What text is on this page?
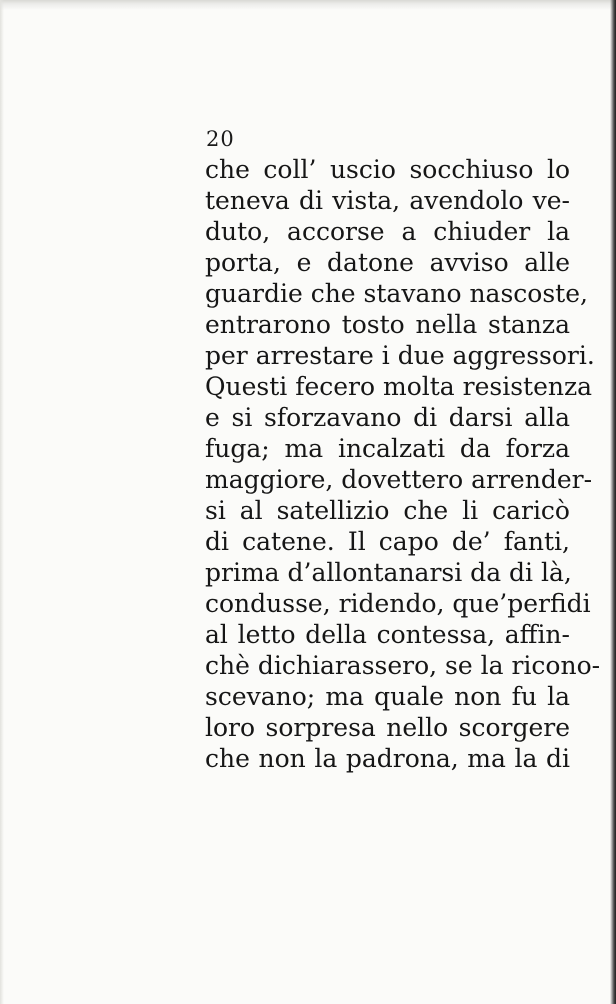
20
che coll’ uscio socchiuso lo
teneva di vista, avendolo ve-
duto, accorse a chiuder la
porta, e datone avviso alle
guardie che stavano nascoste,
entrarono tosto nella stanza
per arrestare i due aggressori.
Questi fecero molta resistenza
e si sforzavano di darsi alla
fuga; ma incalzati da forza
maggiore, dovettero arrender-
si al satellizio che li caricò
di catene. Il capo de’ fanti,
prima d’allontanarsi da di là,
condusse, ridendo, que’perfidi
al letto della contessa, affin-
chè dichiarassero, se la ricono-
scevano; ma quale non fu la
loro sorpresa nello scorgere
che non la padrona, ma la di
